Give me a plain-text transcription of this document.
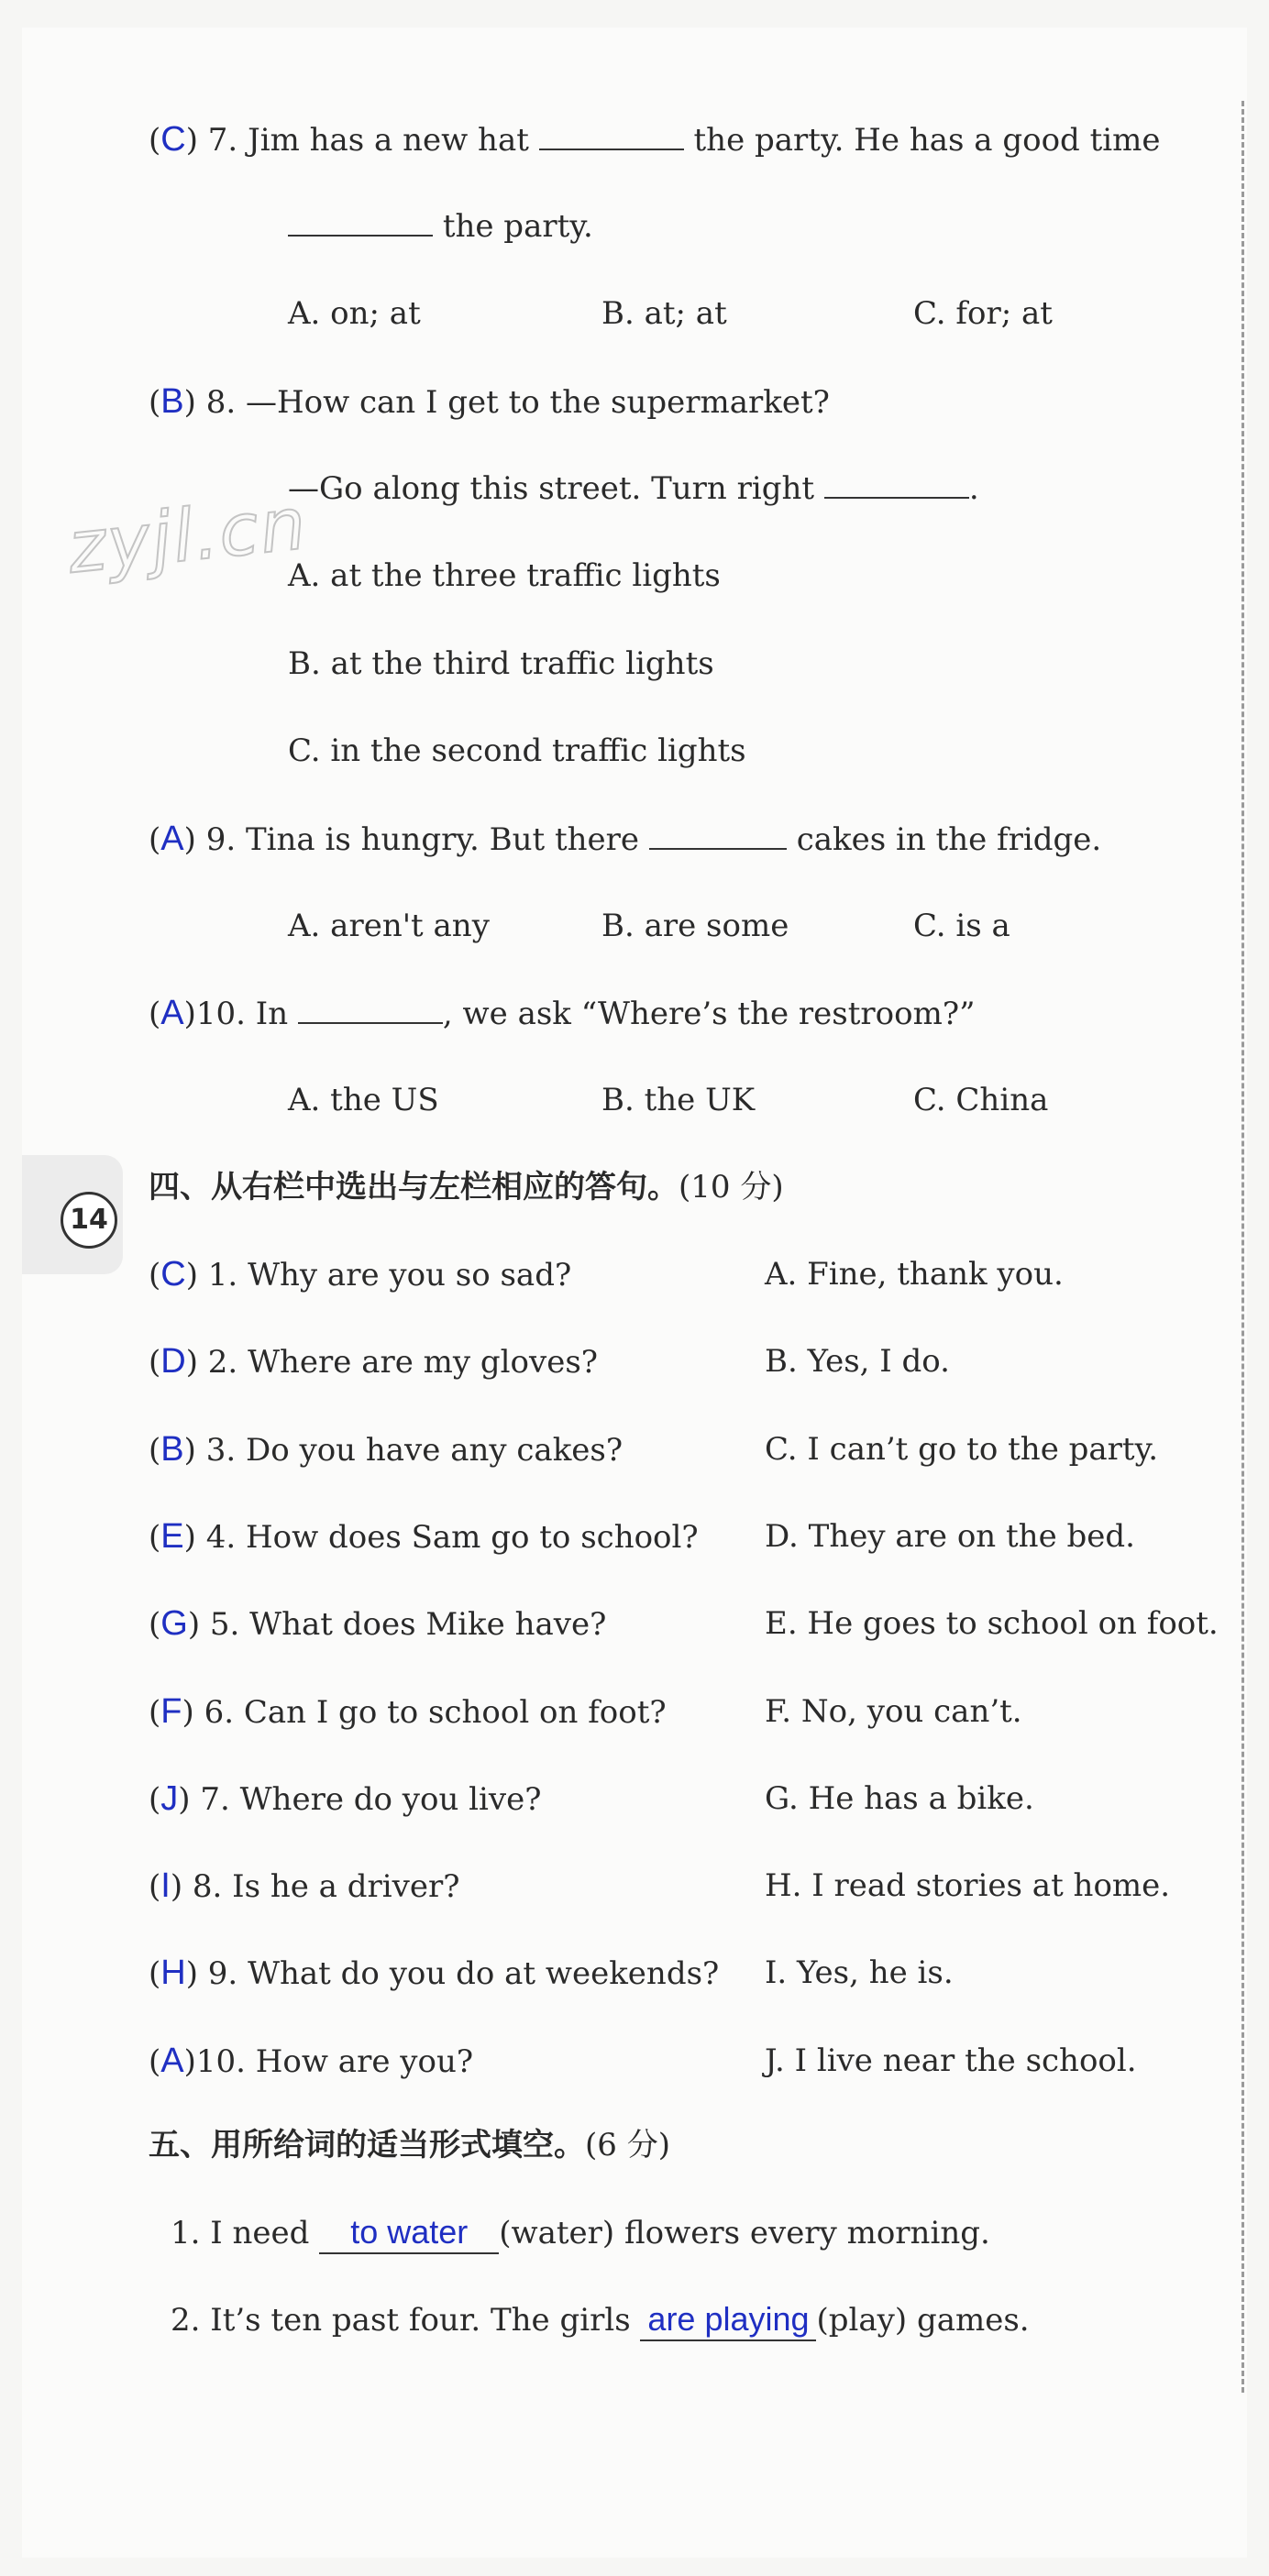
zyjl.cn
(C) 7. Jim has a new hat	the party. He has a good time
the party.
A. on; at	B. at; at	C. for; at
(B) 8. —How can I get to the supermarket?
—Go along this street. Turn right	.
A. at the three traffic lights
B. at the third traffic lights
C. in the second traffic lights
(A) 9. Tina is hungry. But there	cakes in the fridge.
A. aren't any	B. are some	C. is a
(A)10. In	, we ask “Where’s the restroom?”
A. the US	B. the UK	C. China
14
四、从右栏中选出与左栏相应的答句。(10 分)
(C) 1. Why are you so sad?	A. Fine, thank you.
(D) 2. Where are my gloves?	B. Yes, I do.
(B) 3. Do you have any cakes?	C. I can’t go to the party.
(E) 4. How does Sam go to school? D. They are on the bed.
(G) 5. What does Mike have?	E. He goes to school on foot.
(F) 6. Can I go to school on foot?	F. No, you can’t.
(J) 7. Where do you live?	G. He has a bike.
(I) 8. Is he a driver?	H. I read stories at home.
(H) 9. What do you do at weekends? I. Yes, he is.
(A)10. How are you?	J. I live near the school.
五、用所给词的适当形式填空。(6 分)
1. I need to water (water) flowers every morning.
2. It’s ten past four. The girls are playing (play) games.
